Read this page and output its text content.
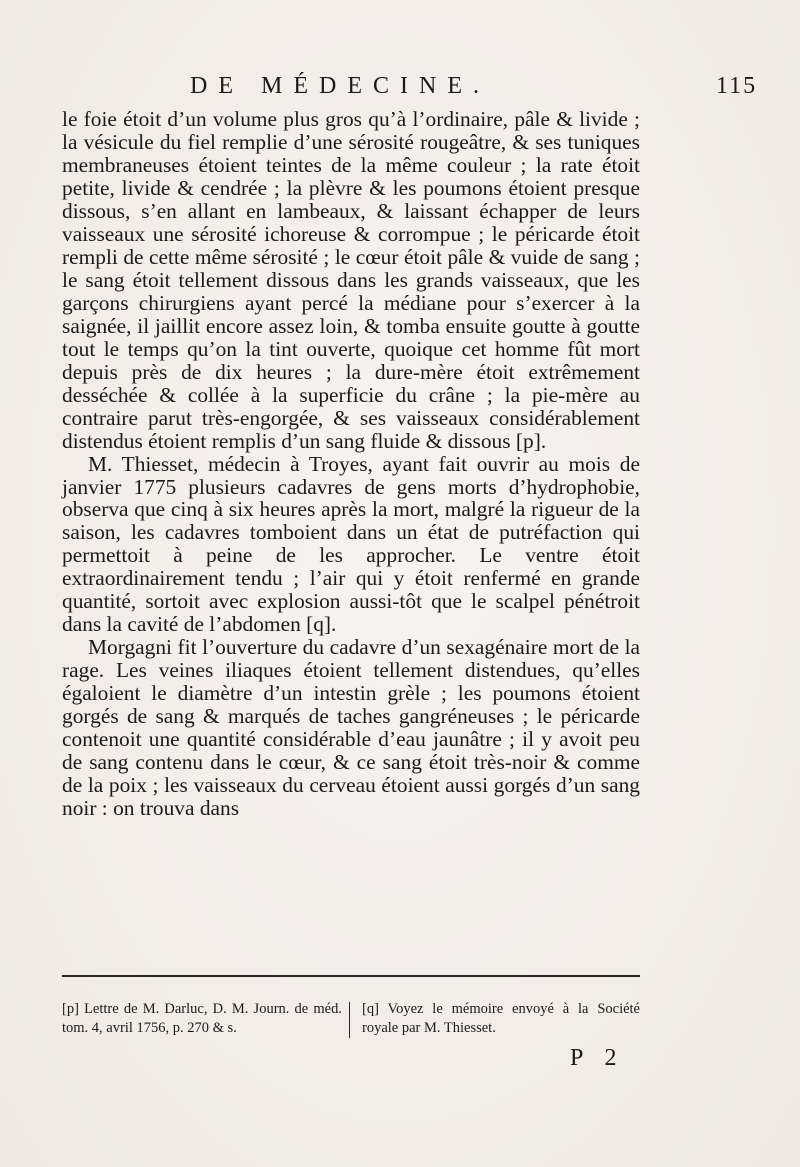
DE MÉDECINE.	115

le foie étoit d’un volume plus gros qu’à l’ordinaire, pâle & livide ; la vésicule du fiel remplie d’une sérosité rougeâtre, & ses tuniques membraneuses étoient teintes de la même couleur ; la rate étoit petite, livide & cendrée ; la plèvre & les poumons étoient presque dissous, s’en allant en lambeaux, & laissant échapper de leurs vaisseaux une sérosité ichoreuse & corrompue ; le péricarde étoit rempli de cette même sérosité ; le cœur étoit pâle & vuide de sang ; le sang étoit tellement dissous dans les grands vaisseaux, que les garçons chirurgiens ayant percé la médiane pour s’exercer à la saignée, il jaillit encore assez loin, & tomba ensuite goutte à goutte tout le temps qu’on la tint ouverte, quoique cet homme fût mort depuis près de dix heures ; la dure-mère étoit extrêmement desséchée & collée à la superficie du crâne ; la pie-mère au contraire parut très-engorgée, & ses vaisseaux considérablement distendus étoient remplis d’un sang fluide & dissous [p].

M. Thiesset, médecin à Troyes, ayant fait ouvrir au mois de janvier 1775 plusieurs cadavres de gens morts d’hydrophobie, observa que cinq à six heures après la mort, malgré la rigueur de la saison, les cadavres tomboient dans un état de putréfaction qui permettoit à peine de les approcher. Le ventre étoit extraordinairement tendu ; l’air qui y étoit renfermé en grande quantité, sortoit avec explosion aussi-tôt que le scalpel pénétroit dans la cavité de l’abdomen [q].

Morgagni fit l’ouverture du cadavre d’un sexagénaire mort de la rage. Les veines iliaques étoient tellement distendues, qu’elles égaloient le diamètre d’un intestin grèle ; les poumons étoient gorgés de sang & marqués de taches gangréneuses ; le péricarde contenoit une quantité considérable d’eau jaunâtre ; il y avoit peu de sang contenu dans le cœur, & ce sang étoit très-noir & comme de la poix ; les vaisseaux du cerveau étoient aussi gorgés d’un sang noir : on trouva dans

[p] Lettre de M. Darluc, D. M. Journ. de méd. tom. 4, avril 1756, p. 270 & s.
[q] Voyez le mémoire envoyé à la Société royale par M. Thiesset.
P 2
